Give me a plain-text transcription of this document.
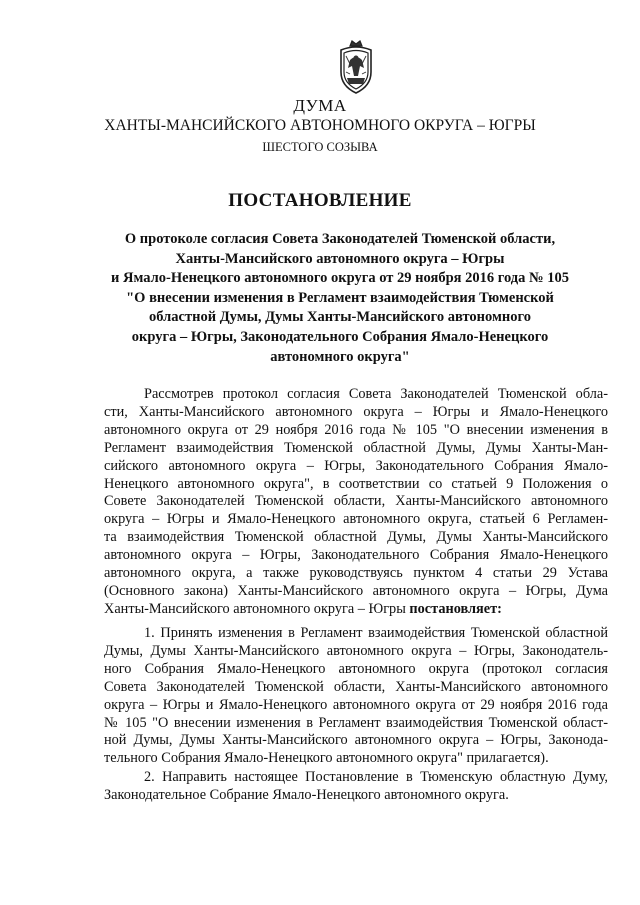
ДУМА
ХАНТЫ-МАНСИЙСКОГО АВТОНОМНОГО ОКРУГА – ЮГРЫ
ШЕСТОГО СОЗЫВА
ПОСТАНОВЛЕНИЕ
О протоколе согласия Совета Законодателей Тюменской области,
Ханты-Мансийского автономного округа – Югры
и Ямало-Ненецкого автономного округа от 29 ноября 2016 года № 105
"О внесении изменения в Регламент взаимодействия Тюменской
областной Думы, Думы Ханты-Мансийского автономного
округа – Югры, Законодательного Собрания Ямало-Ненецкого
автономного округа"
Рассмотрев протокол согласия Совета Законодателей Тюменской обла-
сти, Ханты-Мансийского автономного округа – Югры и Ямало-Ненецкого
автономного округа от 29 ноября 2016 года № 105 "О внесении изменения в
Регламент взаимодействия Тюменской областной Думы, Думы Ханты-Ман-
сийского автономного округа – Югры, Законодательного Собрания Ямало-
Ненецкого автономного округа", в соответствии со статьей 9 Положения о
Совете Законодателей Тюменской области, Ханты-Мансийского автономного
округа – Югры и Ямало-Ненецкого автономного округа, статьей 6 Регламен-
та взаимодействия Тюменской областной Думы, Думы Ханты-Мансийского
автономного округа – Югры, Законодательного Собрания Ямало-Ненецкого
автономного округа, а также руководствуясь пунктом 4 статьи 29 Устава
(Основного закона) Ханты-Мансийского автономного округа – Югры, Дума
Ханты-Мансийского автономного округа – Югры постановляет:
1. Принять изменения в Регламент взаимодействия Тюменской областной
Думы, Думы Ханты-Мансийского автономного округа – Югры, Законодатель-
ного Собрания Ямало-Ненецкого автономного округа (протокол согласия
Совета Законодателей Тюменской области, Ханты-Мансийского автономного
округа – Югры и Ямало-Ненецкого автономного округа от 29 ноября 2016 года
№ 105 "О внесении изменения в Регламент взаимодействия Тюменской област-
ной Думы, Думы Ханты-Мансийского автономного округа – Югры, Законода-
тельного Собрания Ямало-Ненецкого автономного округа" прилагается).
2. Направить настоящее Постановление в Тюменскую областную Думу,
Законодательное Собрание Ямало-Ненецкого автономного округа.
